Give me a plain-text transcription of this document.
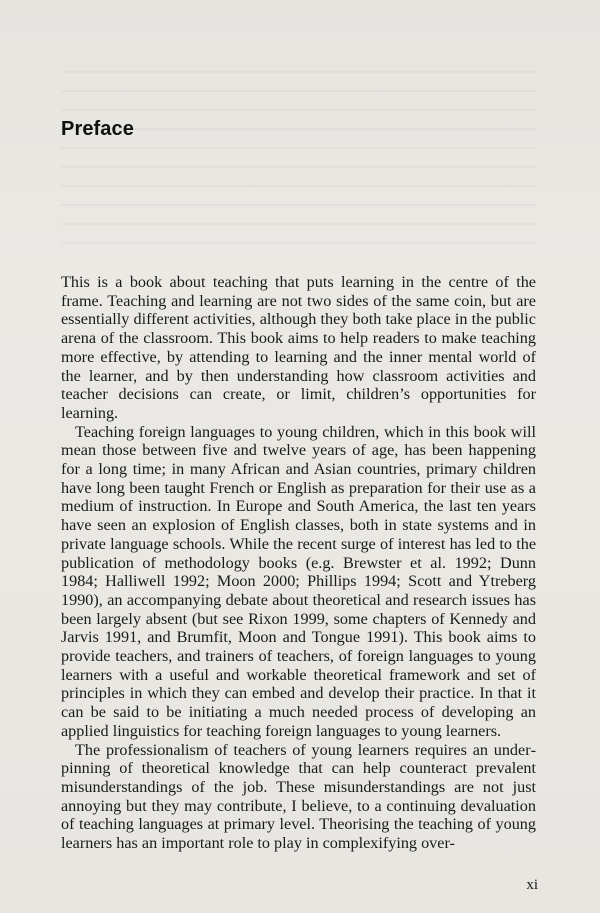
Preface

This is a book about teaching that puts learning in the centre of the frame. Teaching and learning are not two sides of the same coin, but are essentially different activities, although they both take place in the public arena of the classroom. This book aims to help readers to make teaching more effective, by attending to learning and the inner mental world of the learner, and by then understanding how classroom activities and teacher decisions can create, or limit, children’s opportunities for learning.

Teaching foreign languages to young children, which in this book will mean those between five and twelve years of age, has been happening for a long time; in many African and Asian countries, primary children have long been taught French or English as preparation for their use as a medium of instruction. In Europe and South America, the last ten years have seen an explosion of English classes, both in state systems and in private language schools. While the recent surge of interest has led to the publication of methodology books (e.g. Brewster et al. 1992; Dunn 1984; Halliwell 1992; Moon 2000; Phillips 1994; Scott and Ytreberg 1990), an accompanying debate about theoretical and research issues has been largely absent (but see Rixon 1999, some chapters of Kennedy and Jarvis 1991, and Brumfit, Moon and Tongue 1991). This book aims to provide teachers, and trainers of teachers, of foreign languages to young learners with a useful and workable theoretical framework and set of principles in which they can embed and develop their practice. In that it can be said to be initiating a much needed process of developing an applied linguistics for teaching foreign languages to young learners.

The professionalism of teachers of young learners requires an underpinning of theoretical knowledge that can help counteract prevalent misunderstandings of the job. These misunderstandings are not just annoying but they may contribute, I believe, to a continuing devaluation of teaching languages at primary level. Theorising the teaching of young learners has an important role to play in complexifying over-

xi
